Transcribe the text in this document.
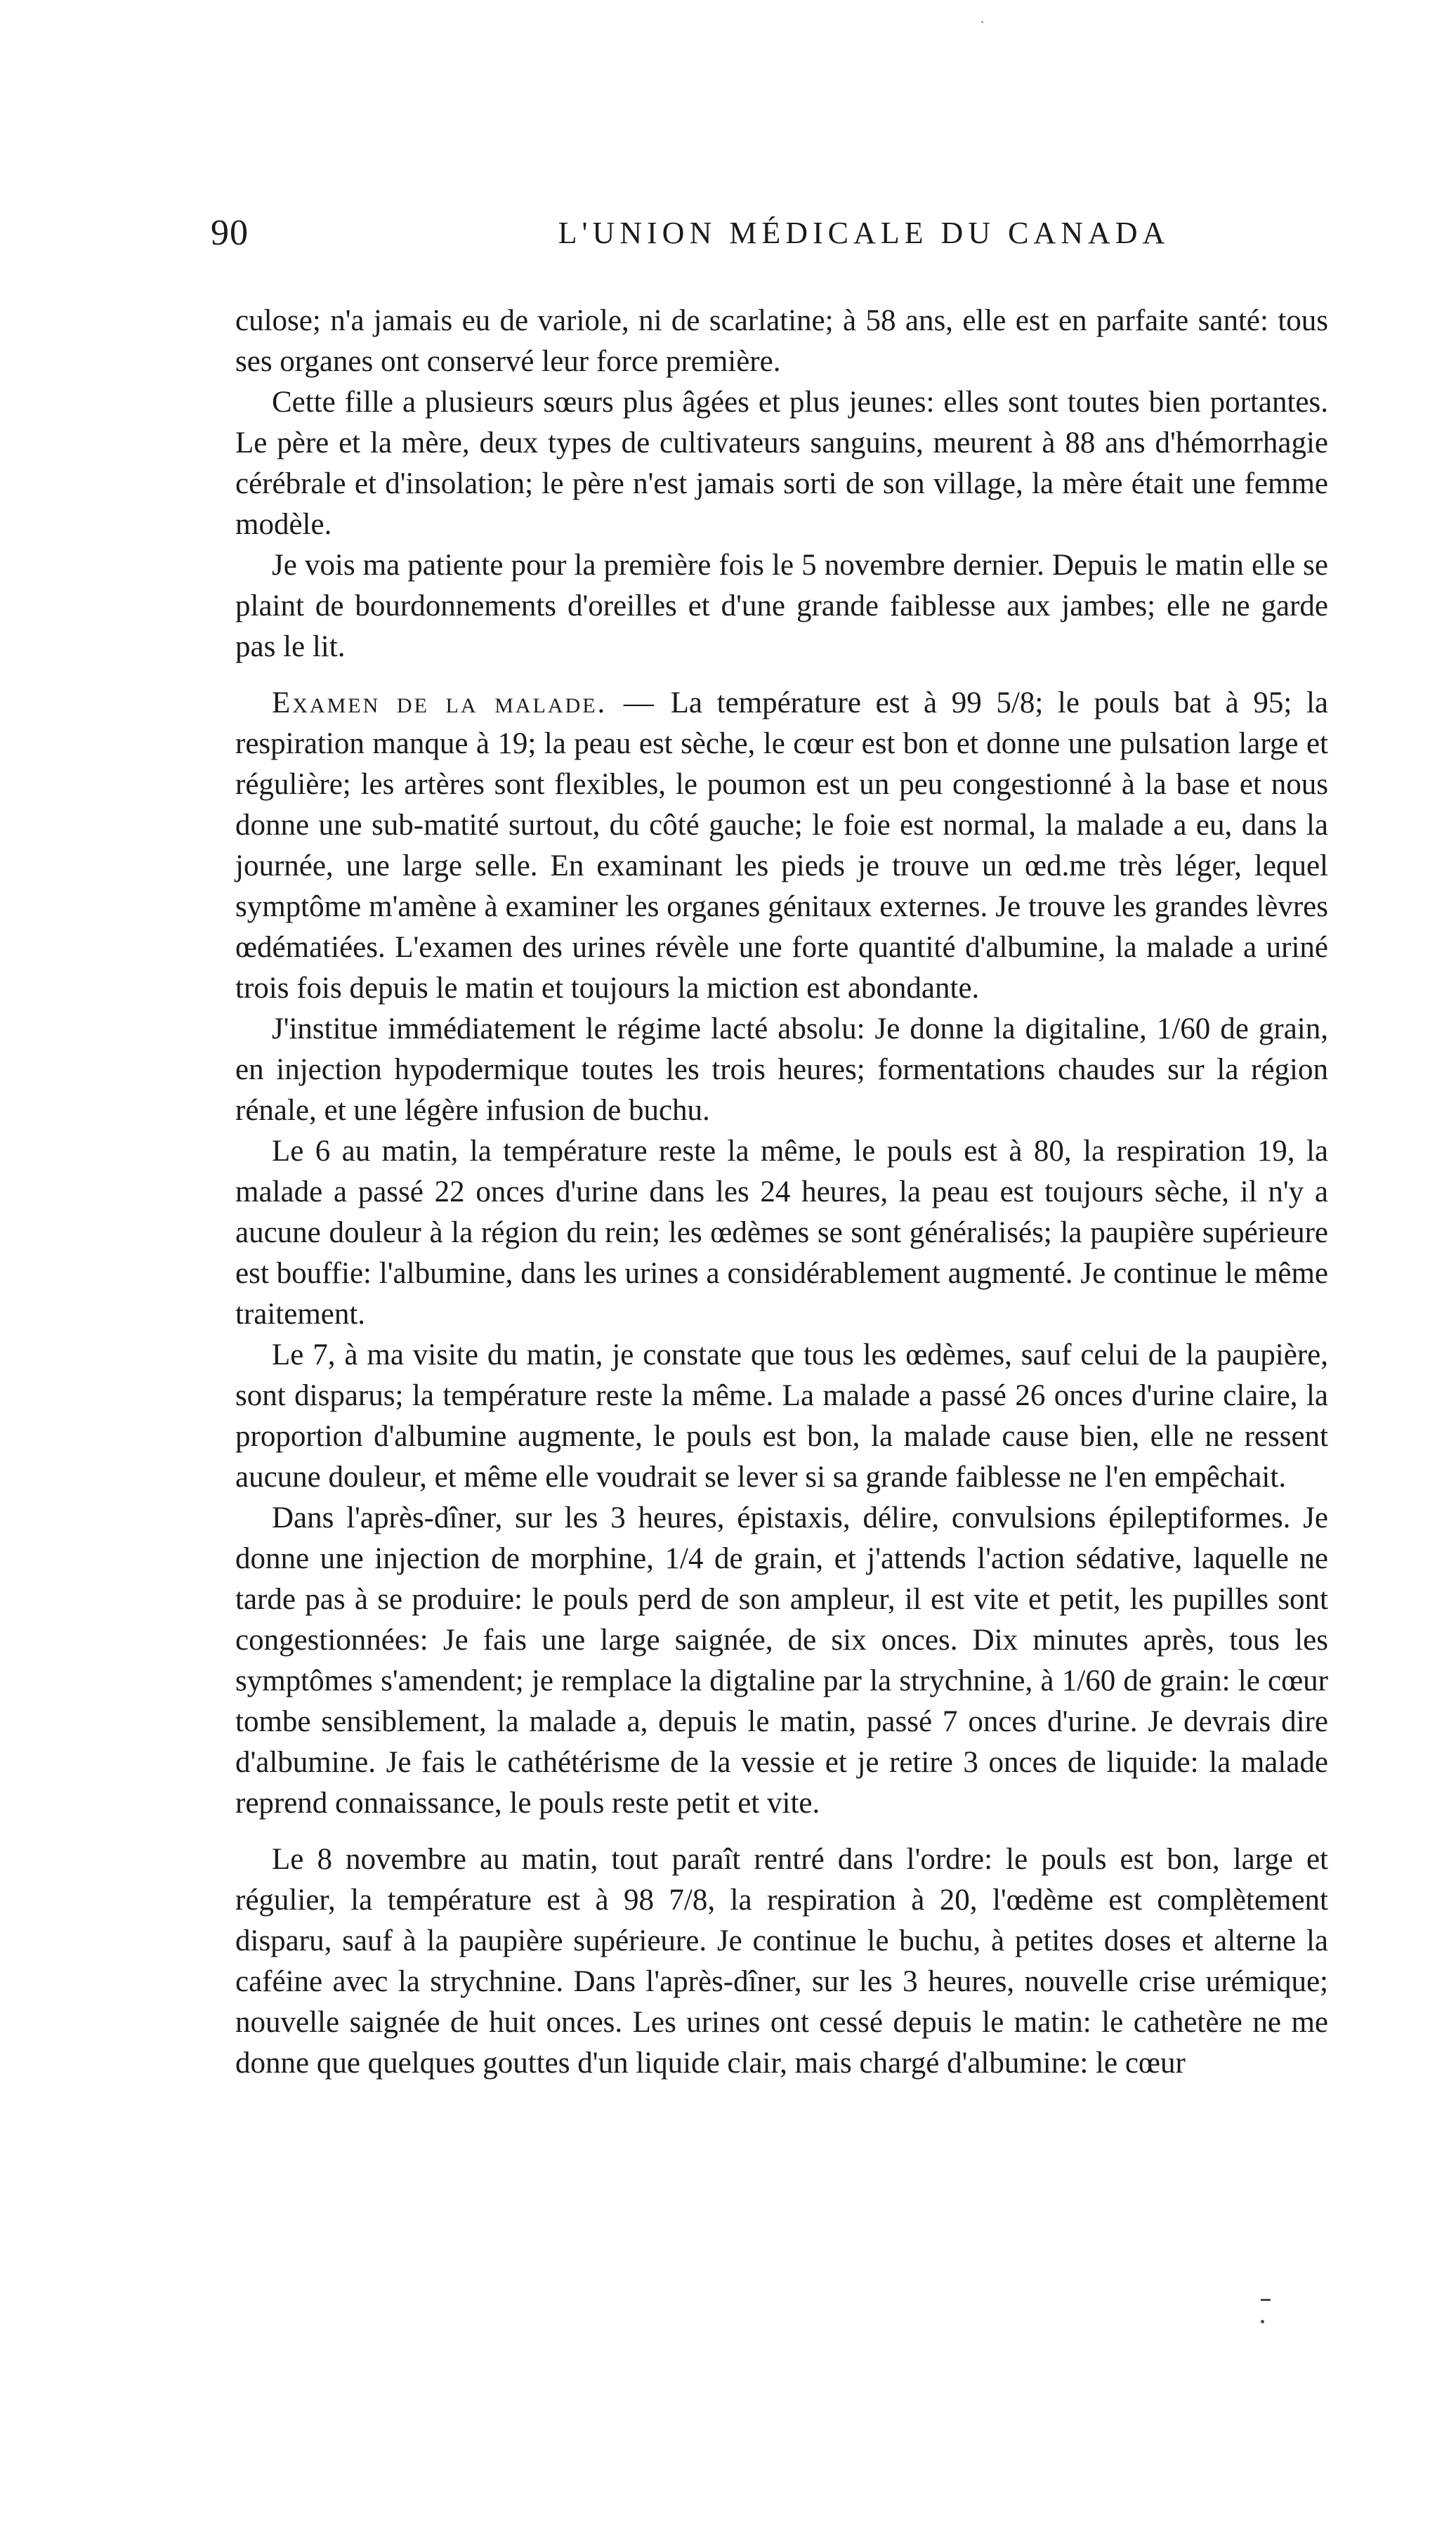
90	L'UNION MÉDICALE DU CANADA

culose; n'a jamais eu de variole, ni de scarlatine; à 58 ans, elle est en parfaite santé: tous ses organes ont conservé leur force première.

Cette fille a plusieurs sœurs plus âgées et plus jeunes: elles sont toutes bien portantes. Le père et la mère, deux types de cultivateurs sanguins, meurent à 88 ans d'hémorrhagie cérébrale et d'insolation; le père n'est jamais sorti de son village, la mère était une femme modèle.

Je vois ma patiente pour la première fois le 5 novembre dernier. Depuis le matin elle se plaint de bourdonnements d'oreilles et d'une grande faiblesse aux jambes; elle ne garde pas le lit.

Examen de la malade. — La température est à 99 5/8; le pouls bat à 95; la respiration manque à 19; la peau est sèche, le cœur est bon et donne une pulsation large et régulière; les artères sont flexibles, le poumon est un peu congestionné à la base et nous donne une sub-matité surtout, du côté gauche; le foie est normal, la malade a eu, dans la journée, une large selle. En examinant les pieds je trouve un œd.me très léger, lequel symptôme m'amène à examiner les organes génitaux externes. Je trouve les grandes lèvres œdématiées. L'examen des urines révèle une forte quantité d'albumine, la malade a uriné trois fois depuis le matin et toujours la miction est abondante.

J'institue immédiatement le régime lacté absolu: Je donne la digitaline, 1/60 de grain, en injection hypodermique toutes les trois heures; formentations chaudes sur la région rénale, et une légère infusion de buchu.

Le 6 au matin, la température reste la même, le pouls est à 80, la respiration 19, la malade a passé 22 onces d'urine dans les 24 heures, la peau est toujours sèche, il n'y a aucune douleur à la région du rein; les œdèmes se sont généralisés; la paupière supérieure est bouffie: l'albumine, dans les urines a considérablement augmenté. Je continue le même traitement.

Le 7, à ma visite du matin, je constate que tous les œdèmes, sauf celui de la paupière, sont disparus; la température reste la même. La malade a passé 26 onces d'urine claire, la proportion d'albumine augmente, le pouls est bon, la malade cause bien, elle ne ressent aucune douleur, et même elle voudrait se lever si sa grande faiblesse ne l'en empêchait.

Dans l'après-dîner, sur les 3 heures, épistaxis, délire, convulsions épileptiformes. Je donne une injection de morphine, 1/4 de grain, et j'attends l'action sédative, laquelle ne tarde pas à se produire: le pouls perd de son ampleur, il est vite et petit, les pupilles sont congestionnées: Je fais une large saignée, de six onces. Dix minutes après, tous les symptômes s'amendent; je remplace la digtaline par la strychnine, à 1/60 de grain: le cœur tombe sensiblement, la malade a, depuis le matin, passé 7 onces d'urine. Je devrais dire d'albumine. Je fais le cathétérisme de la vessie et je retire 3 onces de liquide: la malade reprend connaissance, le pouls reste petit et vite.

Le 8 novembre au matin, tout paraît rentré dans l'ordre: le pouls est bon, large et régulier, la température est à 98 7/8, la respiration à 20, l'œdème est complètement disparu, sauf à la paupière supérieure. Je continue le buchu, à petites doses et alterne la caféine avec la strychnine. Dans l'après-dîner, sur les 3 heures, nouvelle crise urémique; nouvelle saignée de huit onces. Les urines ont cessé depuis le matin: le cathetère ne me donne que quelques gouttes d'un liquide clair, mais chargé d'albumine: le cœur
